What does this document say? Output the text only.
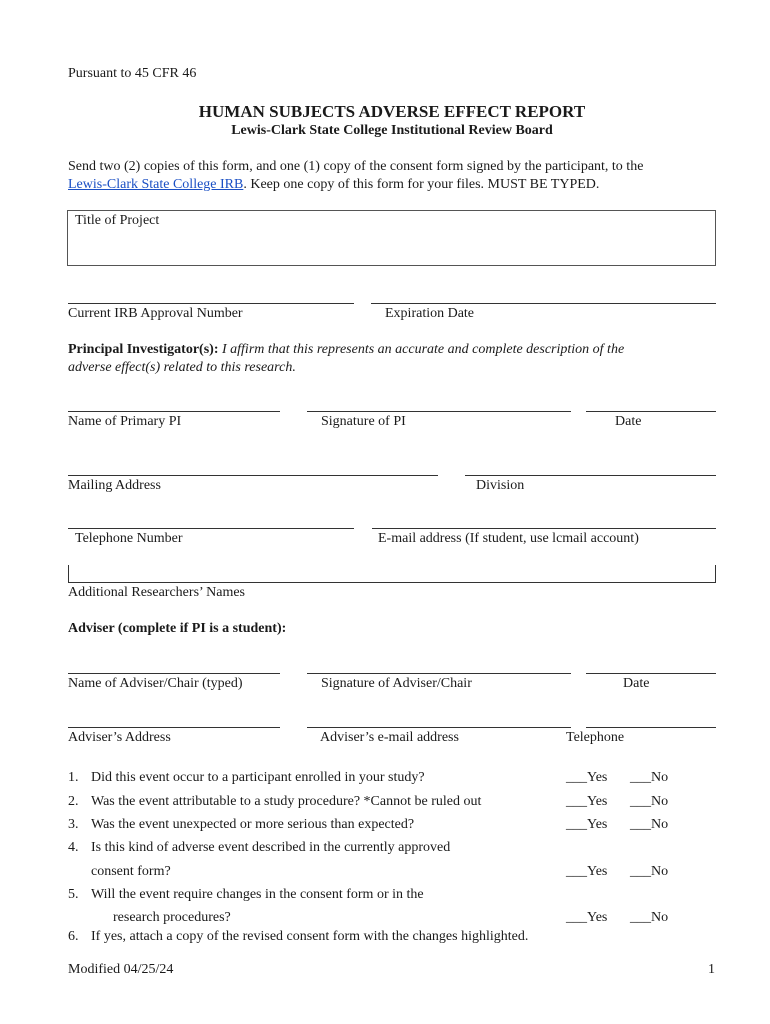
Pursuant to 45 CFR 46
HUMAN SUBJECTS ADVERSE EFFECT REPORT
Lewis-Clark State College Institutional Review Board
Send two (2) copies of this form, and one (1) copy of the consent form signed by the participant, to the
Lewis-Clark State College IRB. Keep one copy of this form for your files. MUST BE TYPED.
Title of Project
Current IRB Approval Number	Expiration Date
Principal Investigator(s): I affirm that this represents an accurate and complete description of the
adverse effect(s) related to this research.
Name of Primary PI	Signature of PI	Date
Mailing Address	Division
Telephone Number	E-mail address (If student, use lcmail account)
Additional Researchers’ Names
Adviser (complete if PI is a student):
Name of Adviser/Chair (typed)	Signature of Adviser/Chair	Date
Adviser’s Address	Adviser’s e-mail address	Telephone
1. Did this event occur to a participant enrolled in your study?	___Yes ___No
2. Was the event attributable to a study procedure? *Cannot be ruled out	___Yes ___No
3. Was the event unexpected or more serious than expected?	___Yes ___No
4. Is this kind of adverse event described in the currently approved
consent form?	___Yes ___No
5. Will the event require changes in the consent form or in the
research procedures?	___Yes ___No
6. If yes, attach a copy of the revised consent form with the changes highlighted.
Modified 04/25/24	1
